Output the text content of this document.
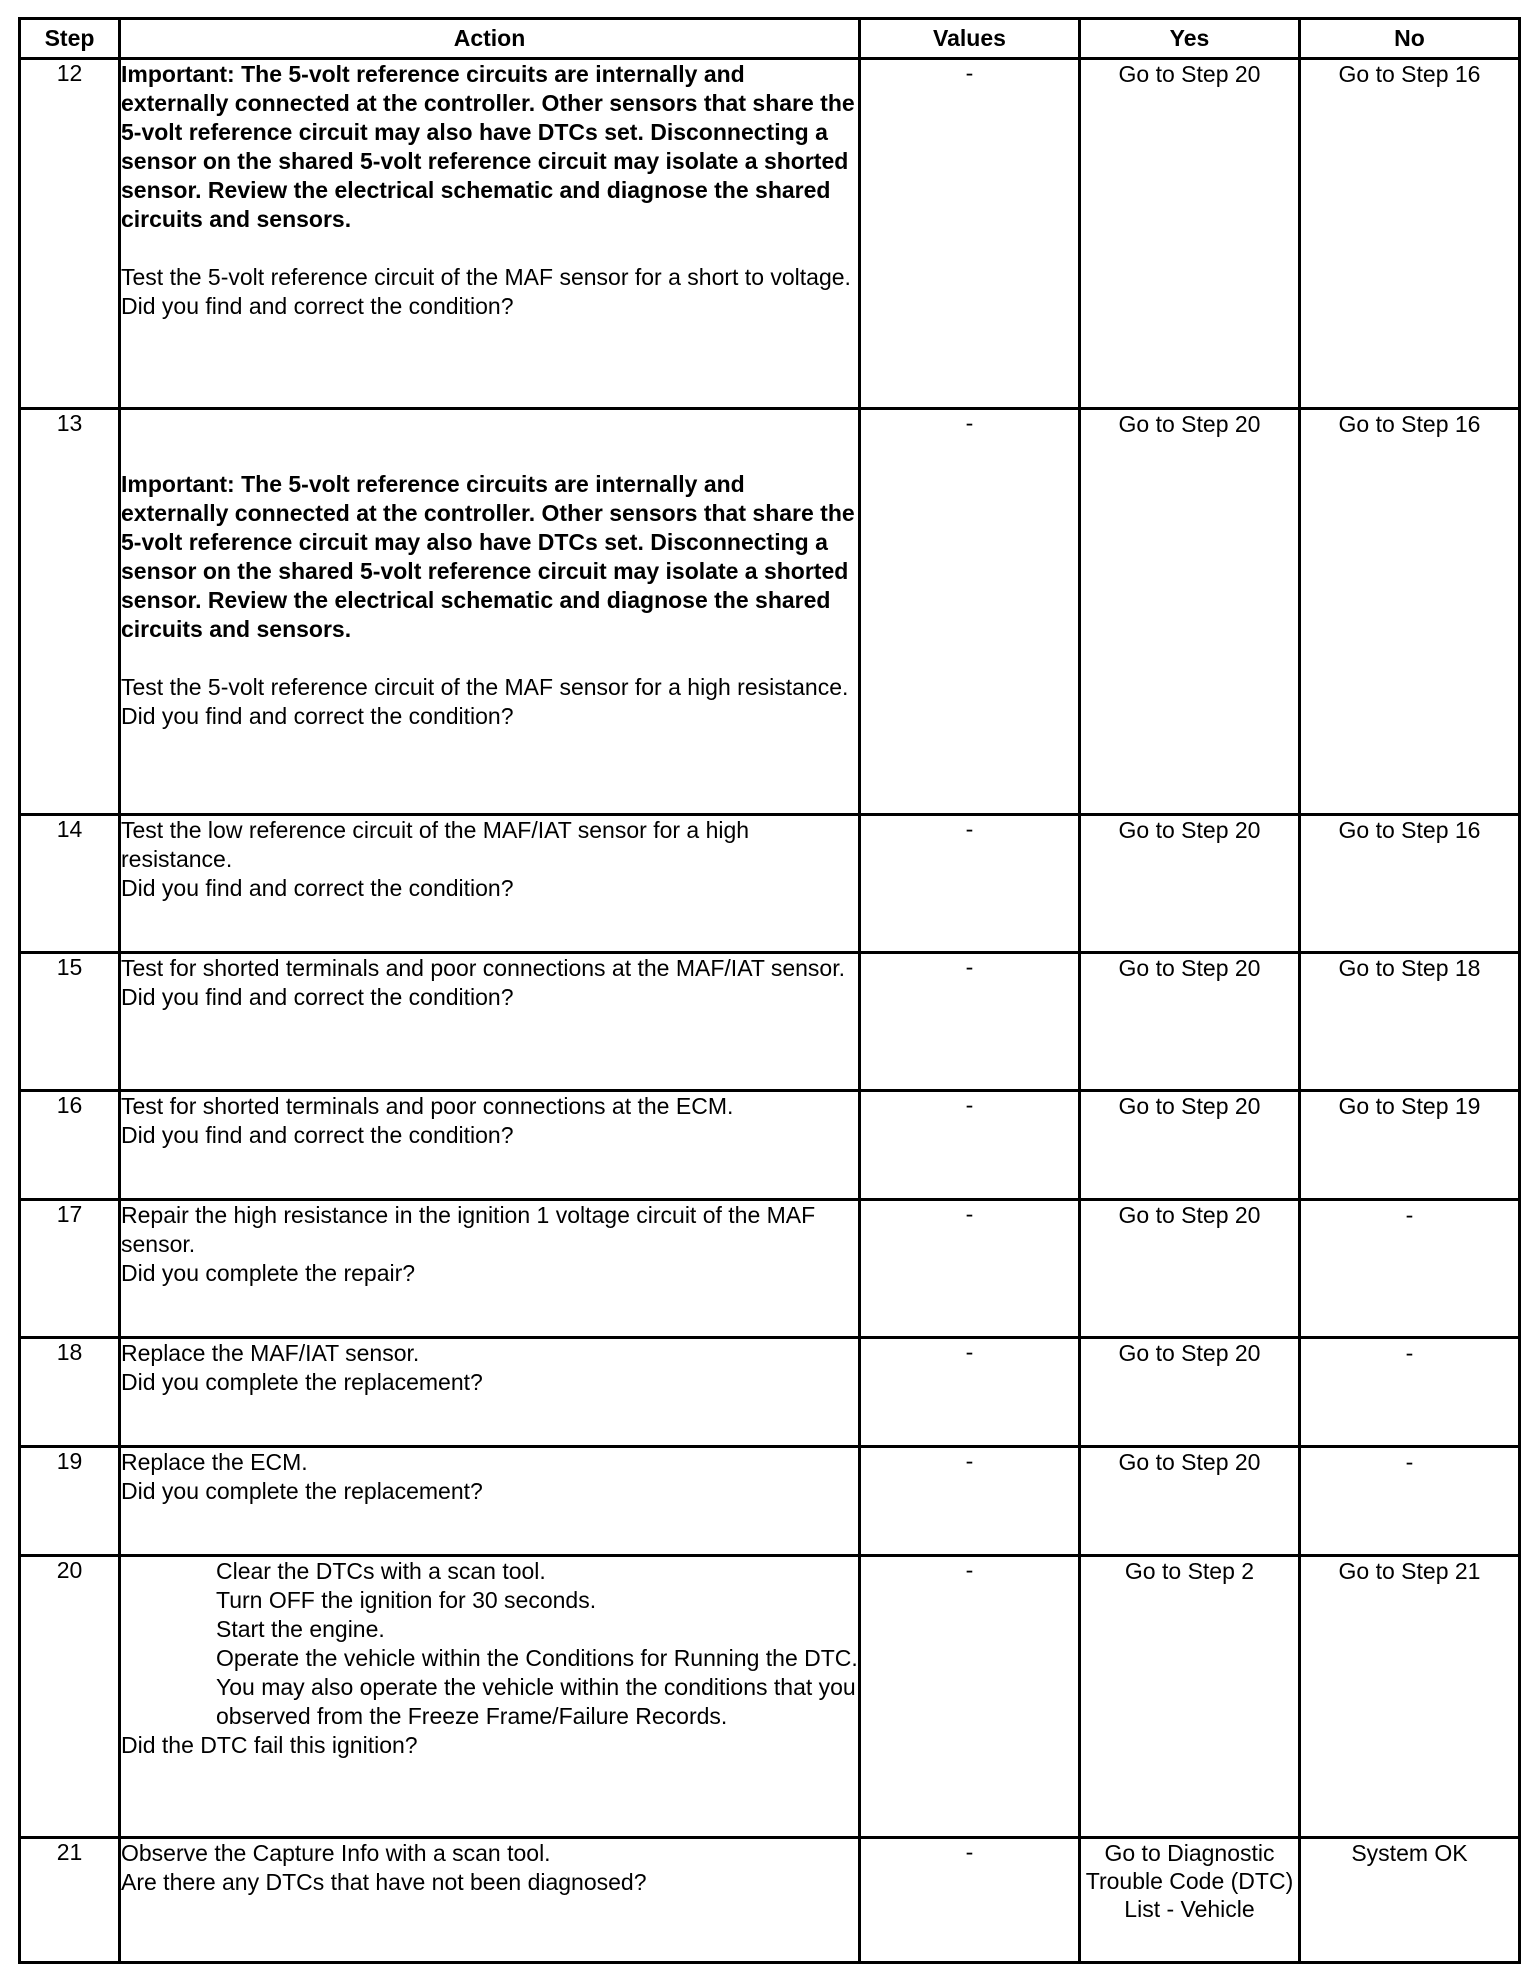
Step	Action	Values	Yes	No
12	Important: The 5-volt reference circuits are internally and externally connected at the controller. Other sensors that share the 5-volt reference circuit may also have DTCs set. Disconnecting a sensor on the shared 5-volt reference circuit may isolate a shorted sensor. Review the electrical schematic and diagnose the shared circuits and sensors.
Test the 5-volt reference circuit of the MAF sensor for a short to voltage.
Did you find and correct the condition?	-	Go to Step 20	Go to Step 16
13	Important: The 5-volt reference circuits are internally and externally connected at the controller. Other sensors that share the 5-volt reference circuit may also have DTCs set. Disconnecting a sensor on the shared 5-volt reference circuit may isolate a shorted sensor. Review the electrical schematic and diagnose the shared circuits and sensors.
Test the 5-volt reference circuit of the MAF sensor for a high resistance.
Did you find and correct the condition?	-	Go to Step 20	Go to Step 16
14	Test the low reference circuit of the MAF/IAT sensor for a high resistance.
Did you find and correct the condition?	-	Go to Step 20	Go to Step 16
15	Test for shorted terminals and poor connections at the MAF/IAT sensor.
Did you find and correct the condition?	-	Go to Step 20	Go to Step 18
16	Test for shorted terminals and poor connections at the ECM.
Did you find and correct the condition?	-	Go to Step 20	Go to Step 19
17	Repair the high resistance in the ignition 1 voltage circuit of the MAF sensor.
Did you complete the repair?	-	Go to Step 20	-
18	Replace the MAF/IAT sensor.
Did you complete the replacement?	-	Go to Step 20	-
19	Replace the ECM.
Did you complete the replacement?	-	Go to Step 20	-
20	Clear the DTCs with a scan tool.
Turn OFF the ignition for 30 seconds.
Start the engine.
Operate the vehicle within the Conditions for Running the DTC. You may also operate the vehicle within the conditions that you observed from the Freeze Frame/Failure Records.
Did the DTC fail this ignition?	-	Go to Step 2	Go to Step 21
21	Observe the Capture Info with a scan tool.
Are there any DTCs that have not been diagnosed?	-	Go to Diagnostic Trouble Code (DTC) List - Vehicle	System OK
